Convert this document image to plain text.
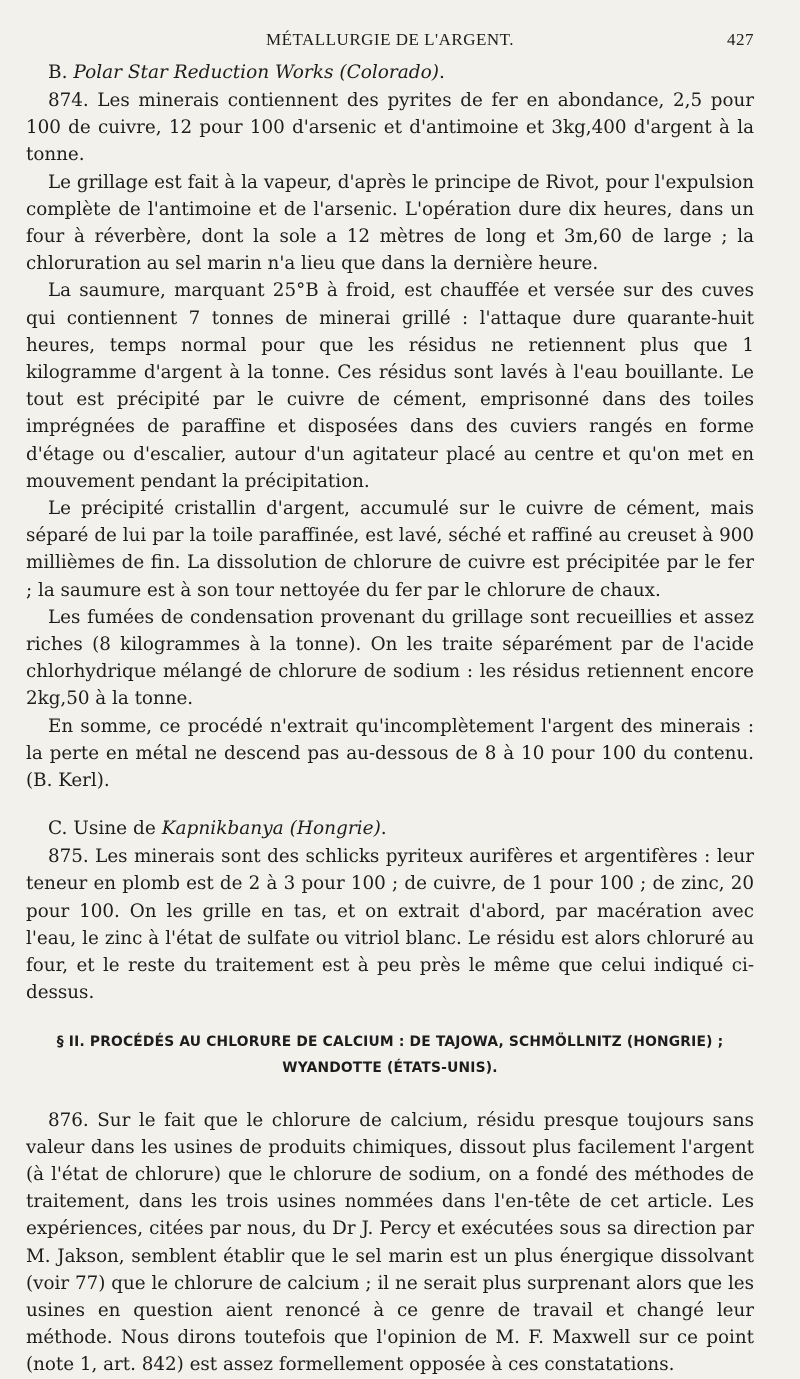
MÉTALLURGIE DE L'ARGENT.	427
B. Polar Star Reduction Works (Colorado).

874. Les minerais contiennent des pyrites de fer en abondance, 2,5 pour 100 de cuivre, 12 pour 100 d'arsenic et d'antimoine et 3kg,400 d'argent à la tonne.

Le grillage est fait à la vapeur, d'après le principe de Rivot, pour l'expulsion complète de l'antimoine et de l'arsenic. L'opération dure dix heures, dans un four à réverbère, dont la sole a 12 mètres de long et 3m,60 de large ; la chloruration au sel marin n'a lieu que dans la dernière heure.

La saumure, marquant 25°B à froid, est chauffée et versée sur des cuves qui contiennent 7 tonnes de minerai grillé : l'attaque dure quarante-huit heures, temps normal pour que les résidus ne retiennent plus que 1 kilogramme d'argent à la tonne. Ces résidus sont lavés à l'eau bouillante. Le tout est précipité par le cuivre de cément, emprisonné dans des toiles imprégnées de paraffine et disposées dans des cuviers rangés en forme d'étage ou d'escalier, autour d'un agitateur placé au centre et qu'on met en mouvement pendant la précipitation.

Le précipité cristallin d'argent, accumulé sur le cuivre de cément, mais séparé de lui par la toile paraffinée, est lavé, séché et raffiné au creuset à 900 millièmes de fin. La dissolution de chlorure de cuivre est précipitée par le fer ; la saumure est à son tour nettoyée du fer par le chlorure de chaux.

Les fumées de condensation provenant du grillage sont recueillies et assez riches (8 kilogrammes à la tonne). On les traite séparément par de l'acide chlorhydrique mélangé de chlorure de sodium : les résidus retiennent encore 2kg,50 à la tonne.

En somme, ce procédé n'extrait qu'incomplètement l'argent des minerais : la perte en métal ne descend pas au-dessous de 8 à 10 pour 100 du contenu. (B. Kerl).

C. Usine de Kapnikbanya (Hongrie).

875. Les minerais sont des schlicks pyriteux aurifères et argentifères : leur teneur en plomb est de 2 à 3 pour 100 ; de cuivre, de 1 pour 100 ; de zinc, 20 pour 100. On les grille en tas, et on extrait d'abord, par macération avec l'eau, le zinc à l'état de sulfate ou vitriol blanc. Le résidu est alors chloruré au four, et le reste du traitement est à peu près le même que celui indiqué ci-dessus.

§ II. PROCÉDÉS AU CHLORURE DE CALCIUM : DE TAJOWA, SCHMÖLLNITZ (HONGRIE) ; WYANDOTTE (ÉTATS-UNIS).

876. Sur le fait que le chlorure de calcium, résidu presque toujours sans valeur dans les usines de produits chimiques, dissout plus facilement l'argent (à l'état de chlorure) que le chlorure de sodium, on a fondé des méthodes de traitement, dans les trois usines nommées dans l'en-tête de cet article. Les expériences, citées par nous, du Dr J. Percy et exécutées sous sa direction par M. Jakson, semblent établir que le sel marin est un plus énergique dissolvant (voir 77) que le chlorure de calcium ; il ne serait plus surprenant alors que les usines en question aient renoncé à ce genre de travail et changé leur méthode. Nous dirons toutefois que l'opinion de M. F. Maxwell sur ce point (note 1, art. 842) est assez formellement opposée à ces constatations.
